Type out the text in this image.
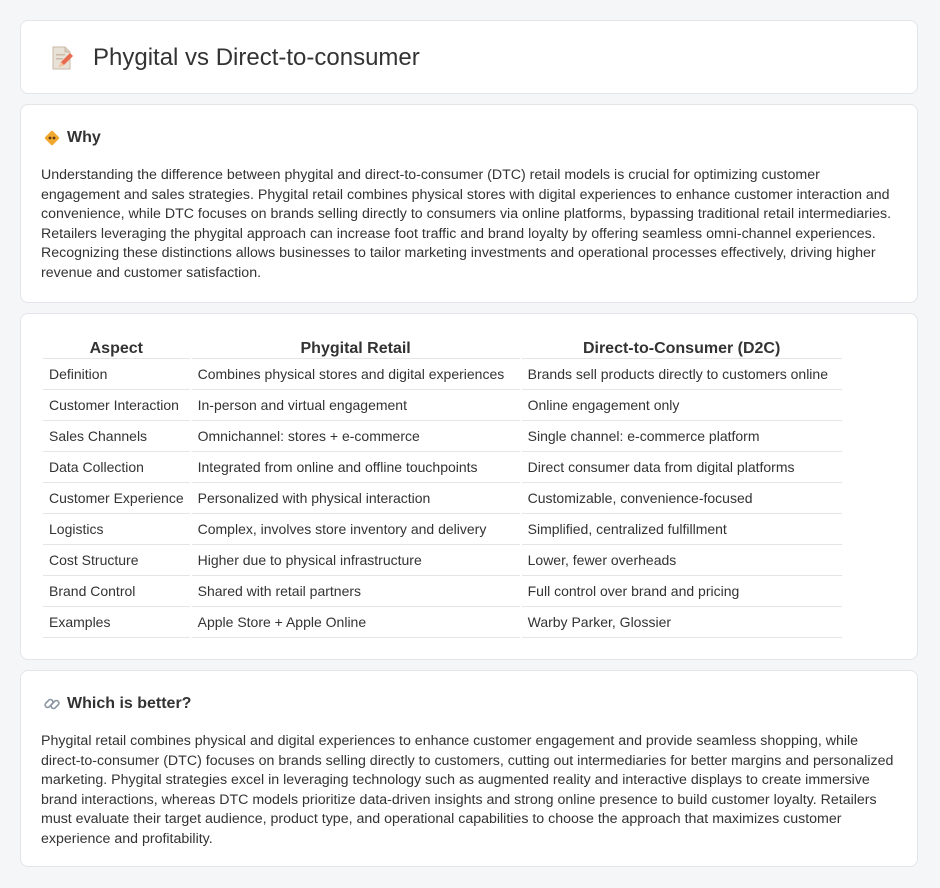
Phygital vs Direct-to-consumer
Why

Understanding the difference between phygital and direct-to-consumer (DTC) retail models is crucial for optimizing customer engagement and sales strategies. Phygital retail combines physical stores with digital experiences to enhance customer interaction and convenience, while DTC focuses on brands selling directly to consumers via online platforms, bypassing traditional retail intermediaries. Retailers leveraging the phygital approach can increase foot traffic and brand loyalty by offering seamless omni-channel experiences. Recognizing these distinctions allows businesses to tailor marketing investments and operational processes effectively, driving higher revenue and customer satisfaction.

Aspect	Phygital Retail	Direct-to-Consumer (D2C)
Definition	Combines physical stores and digital experiences	Brands sell products directly to customers online
Customer Interaction	In-person and virtual engagement	Online engagement only
Sales Channels	Omnichannel: stores + e-commerce	Single channel: e-commerce platform
Data Collection	Integrated from online and offline touchpoints	Direct consumer data from digital platforms
Customer Experience	Personalized with physical interaction	Customizable, convenience-focused
Logistics	Complex, involves store inventory and delivery	Simplified, centralized fulfillment
Cost Structure	Higher due to physical infrastructure	Lower, fewer overheads
Brand Control	Shared with retail partners	Full control over brand and pricing
Examples	Apple Store + Apple Online	Warby Parker, Glossier
Which is better?

Phygital retail combines physical and digital experiences to enhance customer engagement and provide seamless shopping, while direct-to-consumer (DTC) focuses on brands selling directly to customers, cutting out intermediaries for better margins and personalized marketing. Phygital strategies excel in leveraging technology such as augmented reality and interactive displays to create immersive brand interactions, whereas DTC models prioritize data-driven insights and strong online presence to build customer loyalty. Retailers must evaluate their target audience, product type, and operational capabilities to choose the approach that maximizes customer experience and profitability.
